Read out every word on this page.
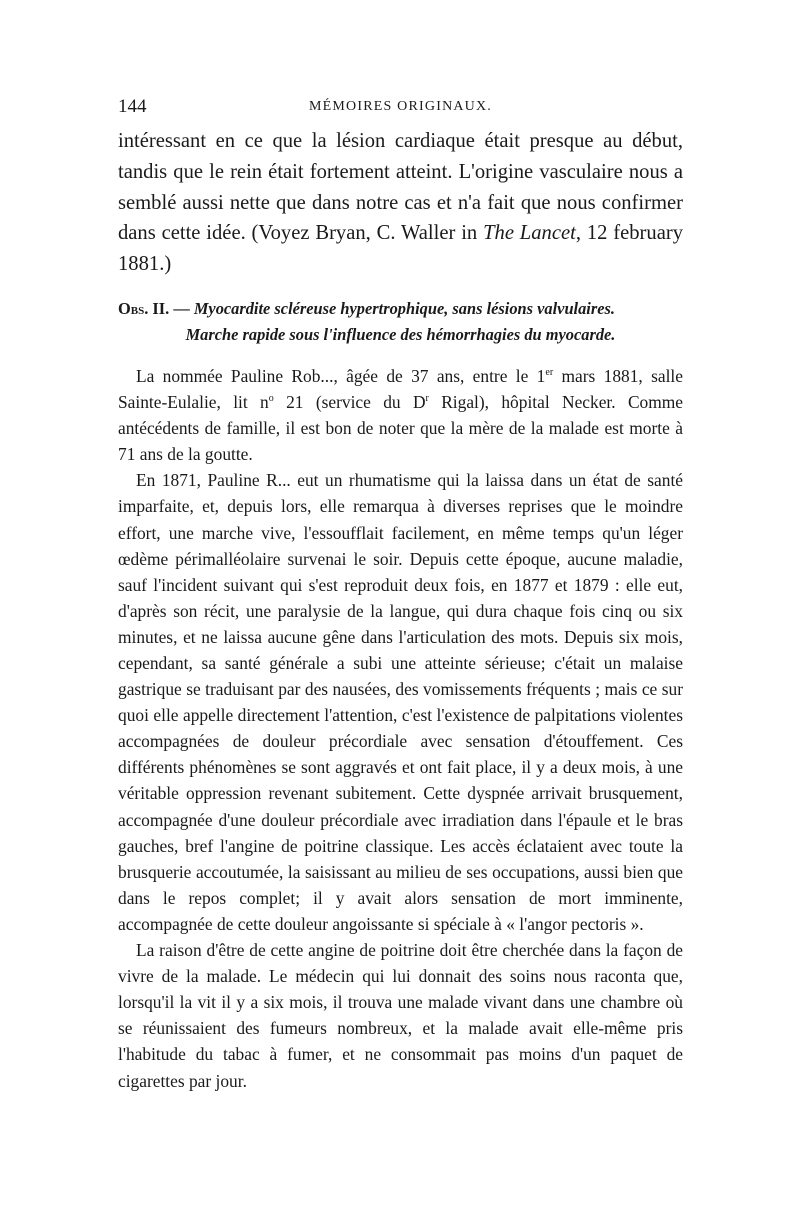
144	MÉMOIRES ORIGINAUX.

intéressant en ce que la lésion cardiaque était presque au début, tandis que le rein était fortement atteint. L'origine vasculaire nous a semblé aussi nette que dans notre cas et n'a fait que nous confirmer dans cette idée. (Voyez Bryan, C. Waller in The Lancet, 12 february 1881.)

Obs. II. — Myocardite scléreuse hypertrophique, sans lésions valvulaires.
Marche rapide sous l'influence des hémorrhagies du myocarde.

La nommée Pauline Rob..., âgée de 37 ans, entre le 1er mars 1881, salle Sainte-Eulalie, lit $n^o$ 21 (service du $D^r$ Rigal), hôpital Necker. Comme antécédents de famille, il est bon de noter que la mère de la malade est morte à 71 ans de la goutte.

En 1871, Pauline R... eut un rhumatisme qui la laissa dans un état de santé imparfaite, et, depuis lors, elle remarqua à diverses reprises que le moindre effort, une marche vive, l'essoufflait facilement, en même temps qu'un léger œdème périmalléolaire survenai le soir. Depuis cette époque, aucune maladie, sauf l'incident suivant qui s'est reproduit deux fois, en 1877 et 1879 : elle eut, d'après son récit, une paralysie de la langue, qui dura chaque fois cinq ou six minutes, et ne laissa aucune gêne dans l'articulation des mots. Depuis six mois, cependant, sa santé générale a subi une atteinte sérieuse; c'était un malaise gastrique se traduisant par des nausées, des vomissements fréquents ; mais ce sur quoi elle appelle directement l'attention, c'est l'existence de palpitations violentes accompagnées de douleur précordiale avec sensation d'étouffement. Ces différents phénomènes se sont aggravés et ont fait place, il y a deux mois, à une véritable oppression revenant subitement. Cette dyspnée arrivait brusquement, accompagnée d'une douleur précordiale avec irradiation dans l'épaule et le bras gauches, bref l'angine de poitrine classique. Les accès éclataient avec toute la brusquerie accoutumée, la saisissant au milieu de ses occupations, aussi bien que dans le repos complet; il y avait alors sensation de mort imminente, accompagnée de cette douleur angoissante si spéciale à « l'angor pectoris ».

La raison d'être de cette angine de poitrine doit être cherchée dans la façon de vivre de la malade. Le médecin qui lui donnait des soins nous raconta que, lorsqu'il la vit il y a six mois, il trouva une malade vivant dans une chambre où se réunissaient des fumeurs nombreux, et la malade avait elle-même pris l'habitude du tabac à fumer, et ne consommait pas moins d'un paquet de cigarettes par jour.
